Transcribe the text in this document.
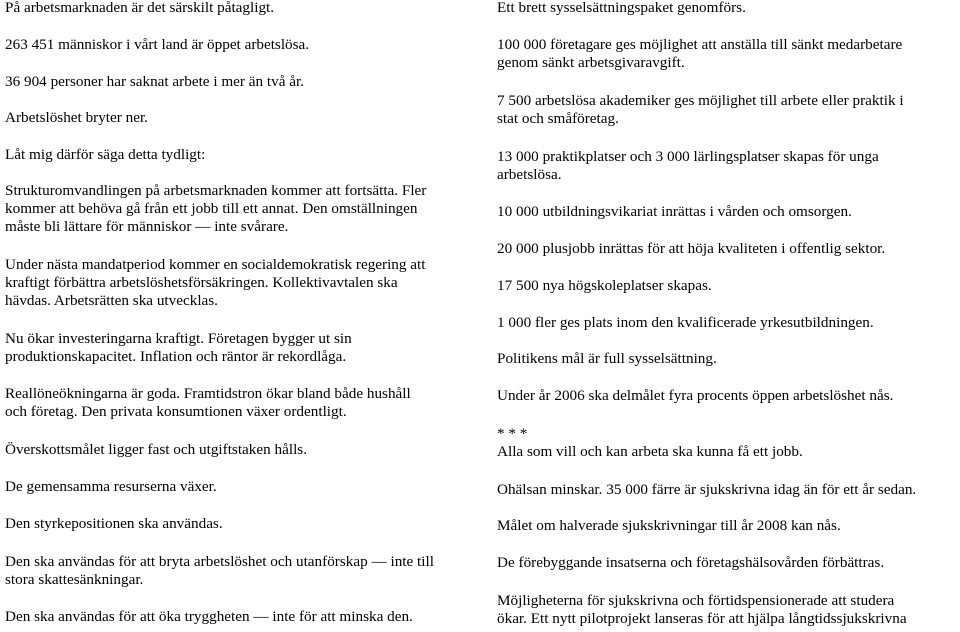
På arbetsmarknaden är det särskilt påtagligt.

263 451 människor i vårt land är öppet arbetslösa.

36 904 personer har saknat arbete i mer än två år.

Arbetslöshet bryter ner.

Låt mig därför säga detta tydligt:

Strukturomvandlingen på arbetsmarknaden kommer att fortsätta. Fler
kommer att behöva gå från ett jobb till ett annat. Den omställningen
måste bli lättare för människor — inte svårare.

Under nästa mandatperiod kommer en socialdemokratisk regering att
kraftigt förbättra arbetslöshetsförsäkringen. Kollektivavtalen ska
hävdas. Arbetsrätten ska utvecklas.

Nu ökar investeringarna kraftigt. Företagen bygger ut sin
produktionskapacitet. Inflation och räntor är rekordlåga.

Reallöneökningarna är goda. Framtidstron ökar bland både hushåll
och företag. Den privata konsumtionen växer ordentligt.

Överskottsmålet ligger fast och utgiftstaken hålls.

De gemensamma resurserna växer.

Den styrkepositionen ska användas.

Den ska användas för att bryta arbetslöshet och utanförskap — inte till
stora skattesänkningar.

Den ska användas för att öka tryggheten — inte för att minska den.

Ett brett sysselsättningspaket genomförs.

100 000 företagare ges möjlighet att anställa till sänkt medarbetare
genom sänkt arbetsgivaravgift.

7 500 arbetslösa akademiker ges möjlighet till arbete eller praktik i
stat och småföretag.

13 000 praktikplatser och 3 000 lärlingsplatser skapas för unga
arbetslösa.

10 000 utbildningsvikariat inrättas i vården och omsorgen.

20 000 plusjobb inrättas för att höja kvaliteten i offentlig sektor.

17 500 nya högskoleplatser skapas.

1 000 fler ges plats inom den kvalificerade yrkesutbildningen.

Politikens mål är full sysselsättning.

Under år 2006 ska delmålet fyra procents öppen arbetslöshet nås.

* * *
Alla som vill och kan arbeta ska kunna få ett jobb.

Ohälsan minskar. 35 000 färre är sjukskrivna idag än för ett år sedan.

Målet om halverade sjukskrivningar till år 2008 kan nås.

De förebyggande insatserna och företagshälsovården förbättras.

Möjligheterna för sjukskrivna och förtidspensionerade att studera
ökar. Ett nytt pilotprojekt lanseras för att hjälpa långtidssjukskrivna
